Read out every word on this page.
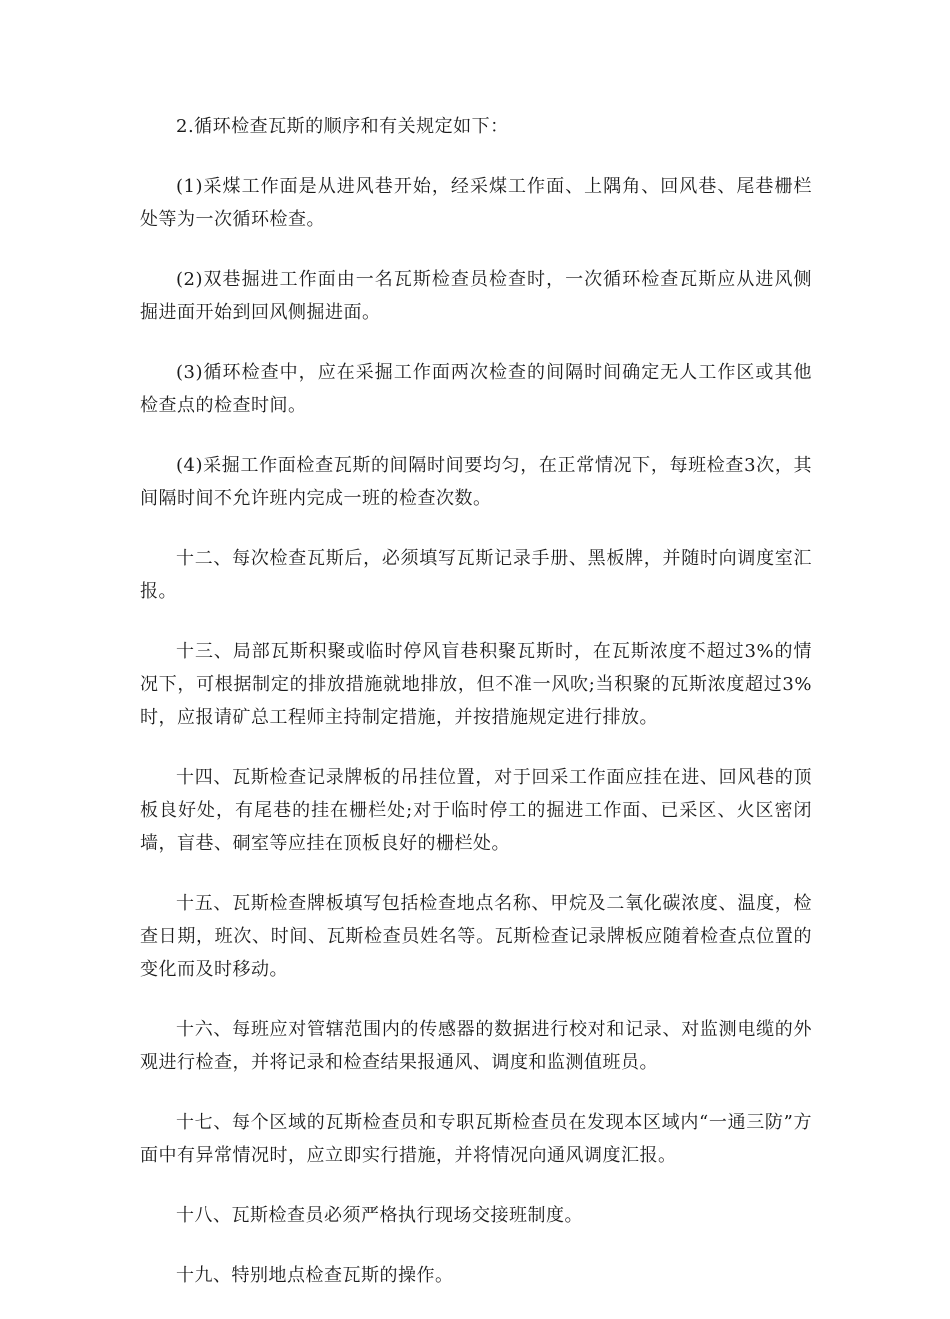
2.循环检查瓦斯的顺序和有关规定如下：

(1)采煤工作面是从进风巷开始，经采煤工作面、上隅角、回风巷、尾巷栅栏处等为一次循环检查。

(2)双巷掘进工作面由一名瓦斯检查员检查时，一次循环检查瓦斯应从进风侧掘进面开始到回风侧掘进面。

(3)循环检查中，应在采掘工作面两次检查的间隔时间确定无人工作区或其他检查点的检查时间。

(4)采掘工作面检查瓦斯的间隔时间要均匀，在正常情况下，每班检查3次，其间隔时间不允许班内完成一班的检查次数。

十二、每次检查瓦斯后，必须填写瓦斯记录手册、黑板牌，并随时向调度室汇报。

十三、局部瓦斯积聚或临时停风盲巷积聚瓦斯时，在瓦斯浓度不超过3%的情况下，可根据制定的排放措施就地排放，但不准一风吹;当积聚的瓦斯浓度超过3%时，应报请矿总工程师主持制定措施，并按措施规定进行排放。

十四、瓦斯检查记录牌板的吊挂位置，对于回采工作面应挂在进、回风巷的顶板良好处，有尾巷的挂在栅栏处;对于临时停工的掘进工作面、已采区、火区密闭墙，盲巷、硐室等应挂在顶板良好的栅栏处。

十五、瓦斯检查牌板填写包括检查地点名称、甲烷及二氧化碳浓度、温度，检查日期，班次、时间、瓦斯检查员姓名等。瓦斯检查记录牌板应随着检查点位置的变化而及时移动。

十六、每班应对管辖范围内的传感器的数据进行校对和记录、对监测电缆的外观进行检查，并将记录和检查结果报通风、调度和监测值班员。

十七、每个区域的瓦斯检查员和专职瓦斯检查员在发现本区域内“一通三防”方面中有异常情况时，应立即实行措施，并将情况向通风调度汇报。

十八、瓦斯检查员必须严格执行现场交接班制度。

十九、特别地点检查瓦斯的操作。
